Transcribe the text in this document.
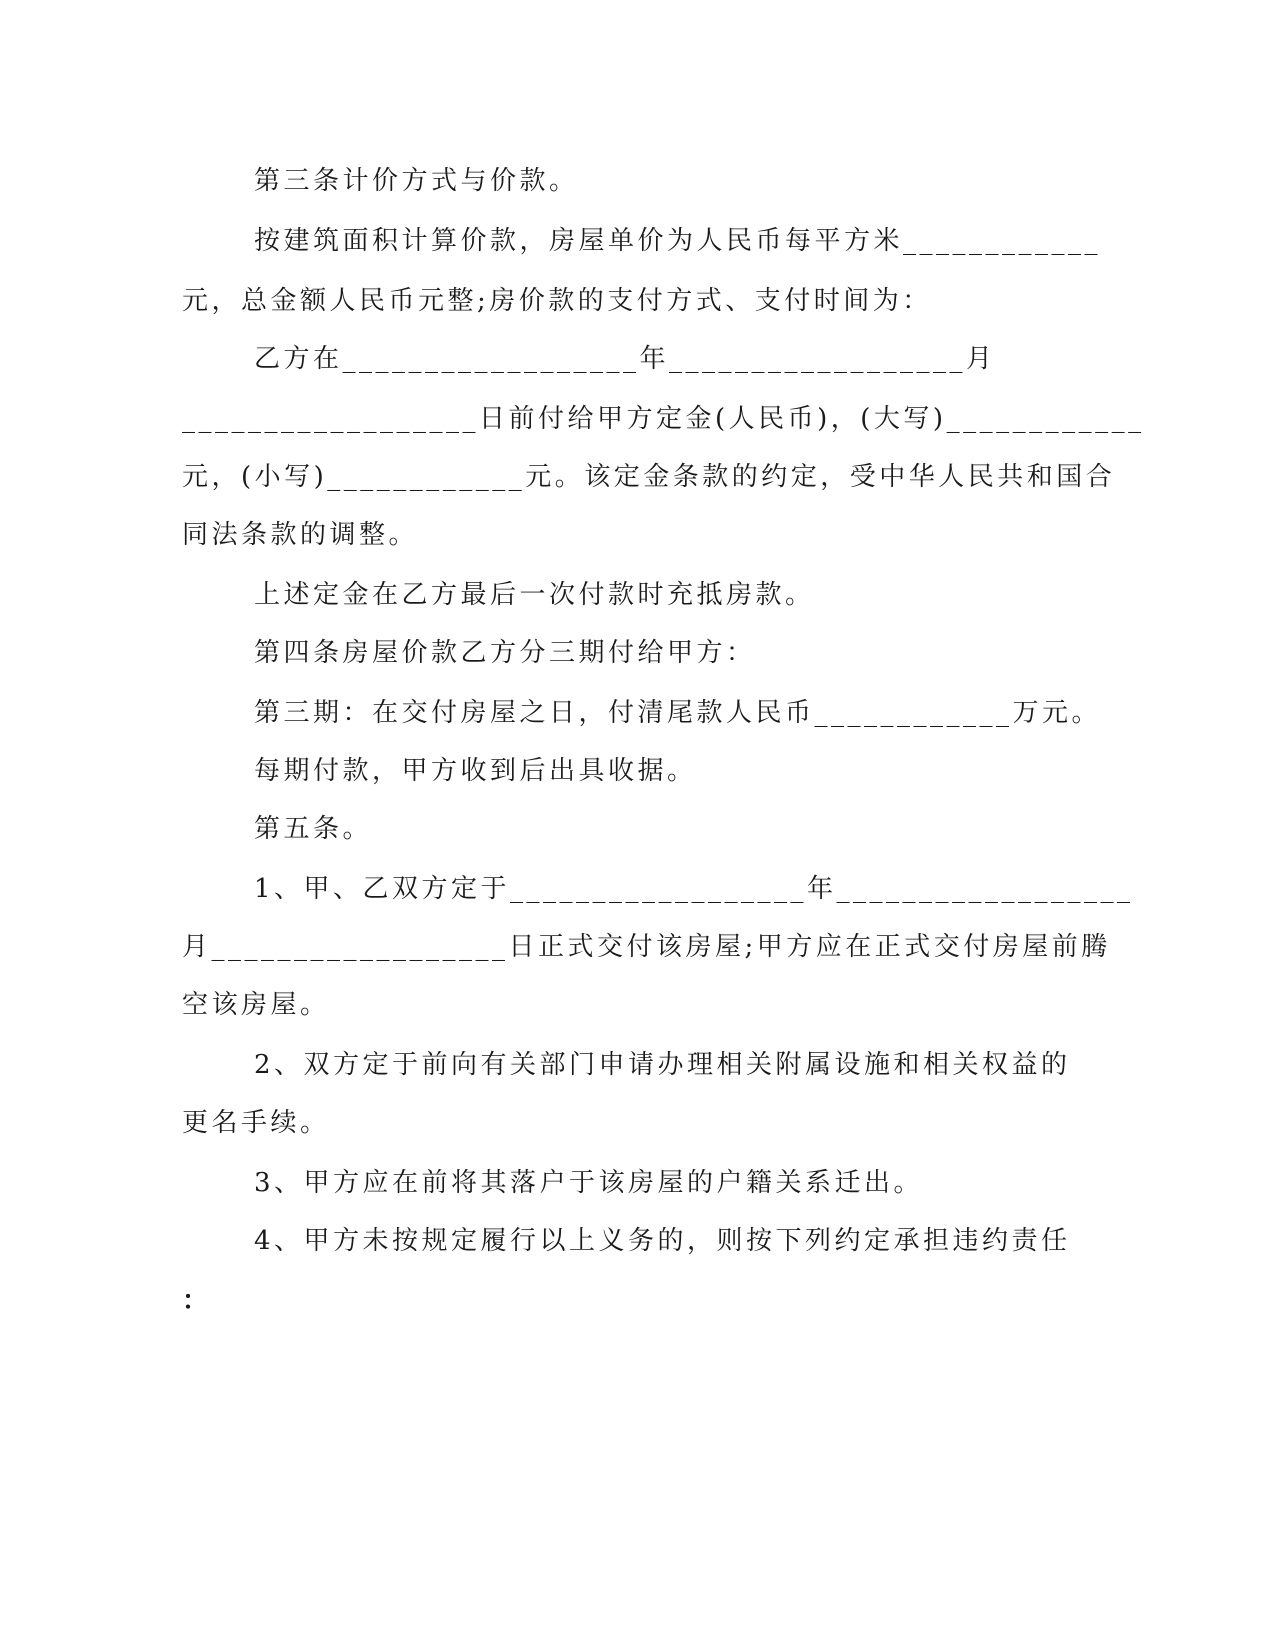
第三条计价方式与价款。
按建筑面积计算价款，房屋单价为人民币每平方米____________
元，总金额人民币元整;房价款的支付方式、支付时间为：
乙方在__________________年__________________月
__________________日前付给甲方定金(人民币)，(大写)____________
元，(小写)____________元。该定金条款的约定，受中华人民共和国合
同法条款的调整。
上述定金在乙方最后一次付款时充抵房款。
第四条房屋价款乙方分三期付给甲方：
第三期：在交付房屋之日，付清尾款人民币____________万元。
每期付款，甲方收到后出具收据。
第五条。
1、甲、乙双方定于__________________年__________________
月__________________日正式交付该房屋;甲方应在正式交付房屋前腾
空该房屋。
2、双方定于前向有关部门申请办理相关附属设施和相关权益的
更名手续。
3、甲方应在前将其落户于该房屋的户籍关系迁出。
4、甲方未按规定履行以上义务的，则按下列约定承担违约责任
：
